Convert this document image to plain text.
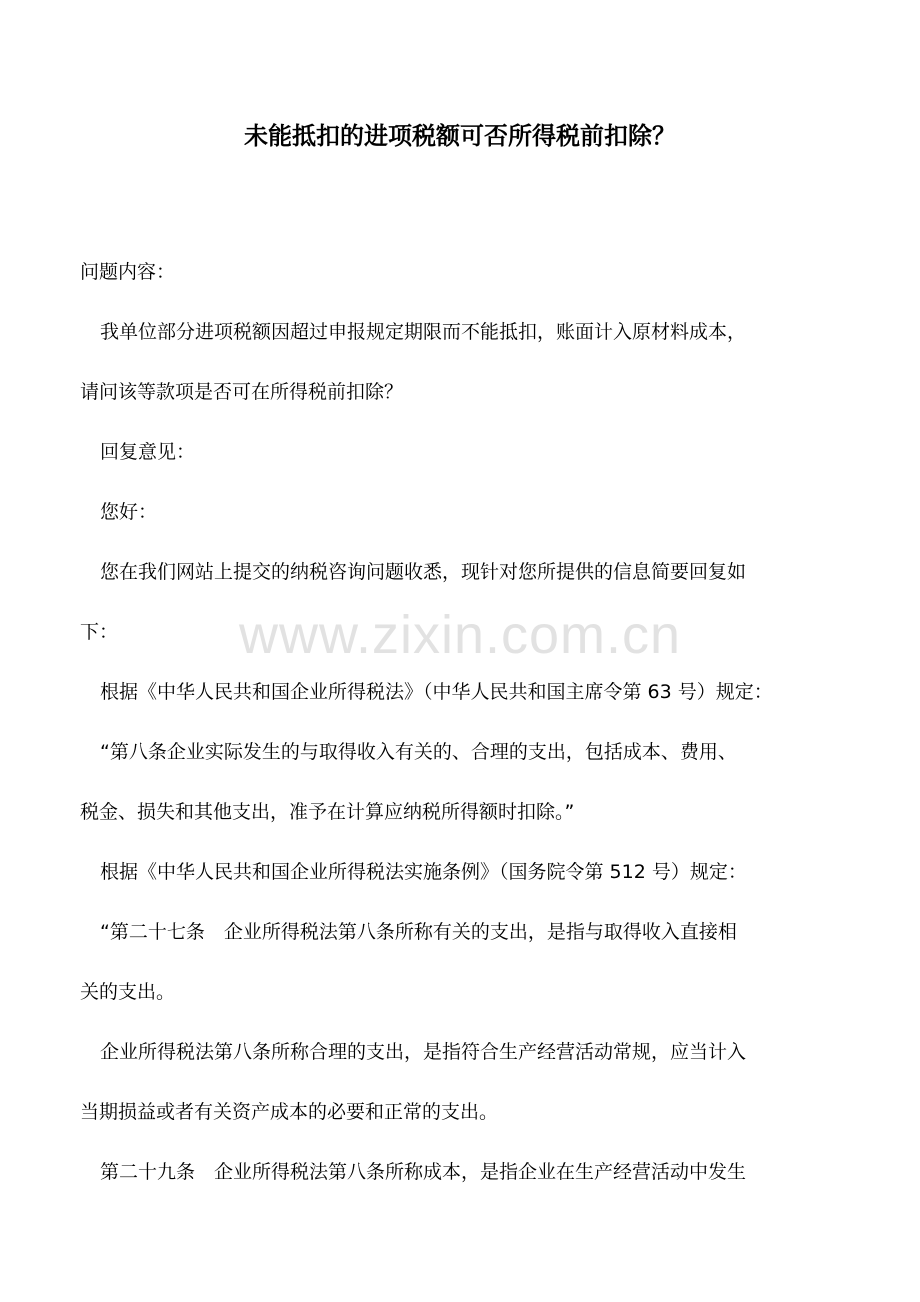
www.zixin.com.cn
未能抵扣的进项税额可否所得税前扣除？
问题内容：
我单位部分进项税额因超过申报规定期限而不能抵扣，账面计入原材料成本，
请问该等款项是否可在所得税前扣除？
回复意见：
您好：
您在我们网站上提交的纳税咨询问题收悉，现针对您所提供的信息简要回复如
下：
根据《中华人民共和国企业所得税法》（中华人民共和国主席令第 63 号）规定：
“第八条企业实际发生的与取得收入有关的、合理的支出，包括成本、费用、
税金、损失和其他支出，准予在计算应纳税所得额时扣除。”
根据《中华人民共和国企业所得税法实施条例》（国务院令第 512 号）规定：
“第二十七条　企业所得税法第八条所称有关的支出，是指与取得收入直接相
关的支出。
企业所得税法第八条所称合理的支出，是指符合生产经营活动常规，应当计入
当期损益或者有关资产成本的必要和正常的支出。
第二十九条　企业所得税法第八条所称成本，是指企业在生产经营活动中发生
